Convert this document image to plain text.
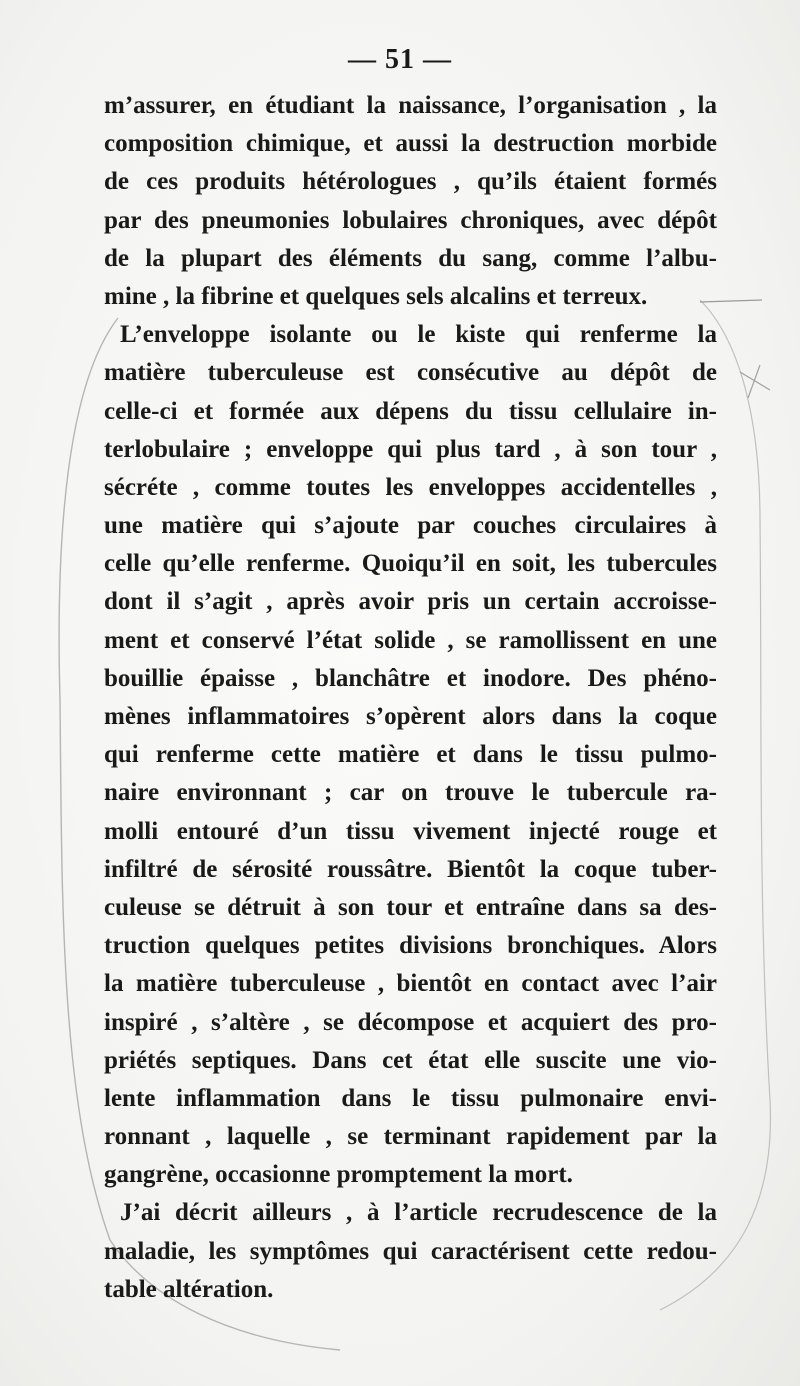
— 51 —
m’assurer, en étudiant la naissance, l’organisation , la
composition chimique, et aussi la destruction morbide
de ces produits hétérologues , qu’ils étaient formés
par des pneumonies lobulaires chroniques, avec dépôt
de la plupart des éléments du sang, comme l’albu-
mine , la fibrine et quelques sels alcalins et terreux.
L’enveloppe isolante ou le kiste qui renferme la
matière tuberculeuse est consécutive au dépôt de
celle-ci et formée aux dépens du tissu cellulaire in-
terlobulaire ; enveloppe qui plus tard , à son tour ,
sécréte , comme toutes les enveloppes accidentelles ,
une matière qui s’ajoute par couches circulaires à
celle qu’elle renferme. Quoiqu’il en soit, les tubercules
dont il s’agit , après avoir pris un certain accroisse-
ment et conservé l’état solide , se ramollissent en une
bouillie épaisse , blanchâtre et inodore. Des phéno-
mènes inflammatoires s’opèrent alors dans la coque
qui renferme cette matière et dans le tissu pulmo-
naire environnant ; car on trouve le tubercule ra-
molli entouré d’un tissu vivement injecté rouge et
infiltré de sérosité roussâtre. Bientôt la coque tuber-
culeuse se détruit à son tour et entraîne dans sa des-
truction quelques petites divisions bronchiques. Alors
la matière tuberculeuse , bientôt en contact avec l’air
inspiré , s’altère , se décompose et acquiert des pro-
priétés septiques. Dans cet état elle suscite une vio-
lente inflammation dans le tissu pulmonaire envi-
ronnant , laquelle , se terminant rapidement par la
gangrène, occasionne promptement la mort.
J’ai décrit ailleurs , à l’article recrudescence de la
maladie, les symptômes qui caractérisent cette redou-
table altération.
